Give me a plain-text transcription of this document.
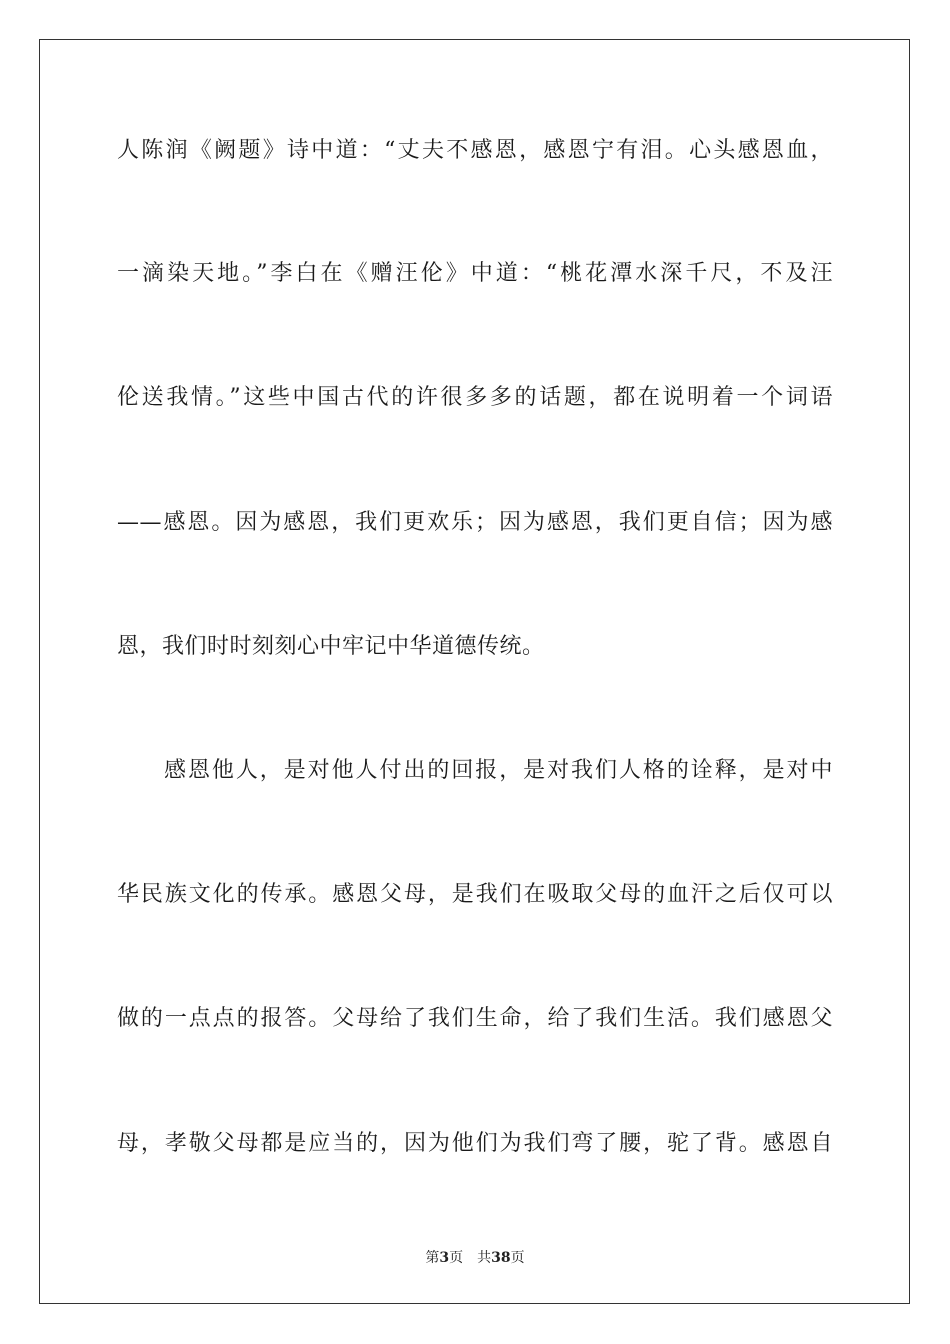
人陈润《阙题》诗中道：“丈夫不感恩，感恩宁有泪。心头感恩血，
一滴染天地。”李白在《赠汪伦》中道：“桃花潭水深千尺，不及汪
伦送我情。”这些中国古代的许很多多的话题，都在说明着一个词语
——感恩。因为感恩，我们更欢乐；因为感恩，我们更自信；因为感
恩，我们时时刻刻心中牢记中华道德传统。
感恩他人，是对他人付出的回报，是对我们人格的诠释，是对中
华民族文化的传承。感恩父母，是我们在吸取父母的血汗之后仅可以
做的一点点的报答。父母给了我们生命，给了我们生活。我们感恩父
母，孝敬父母都是应当的，因为他们为我们弯了腰，驼了背。感恩自
第3页 共38页
